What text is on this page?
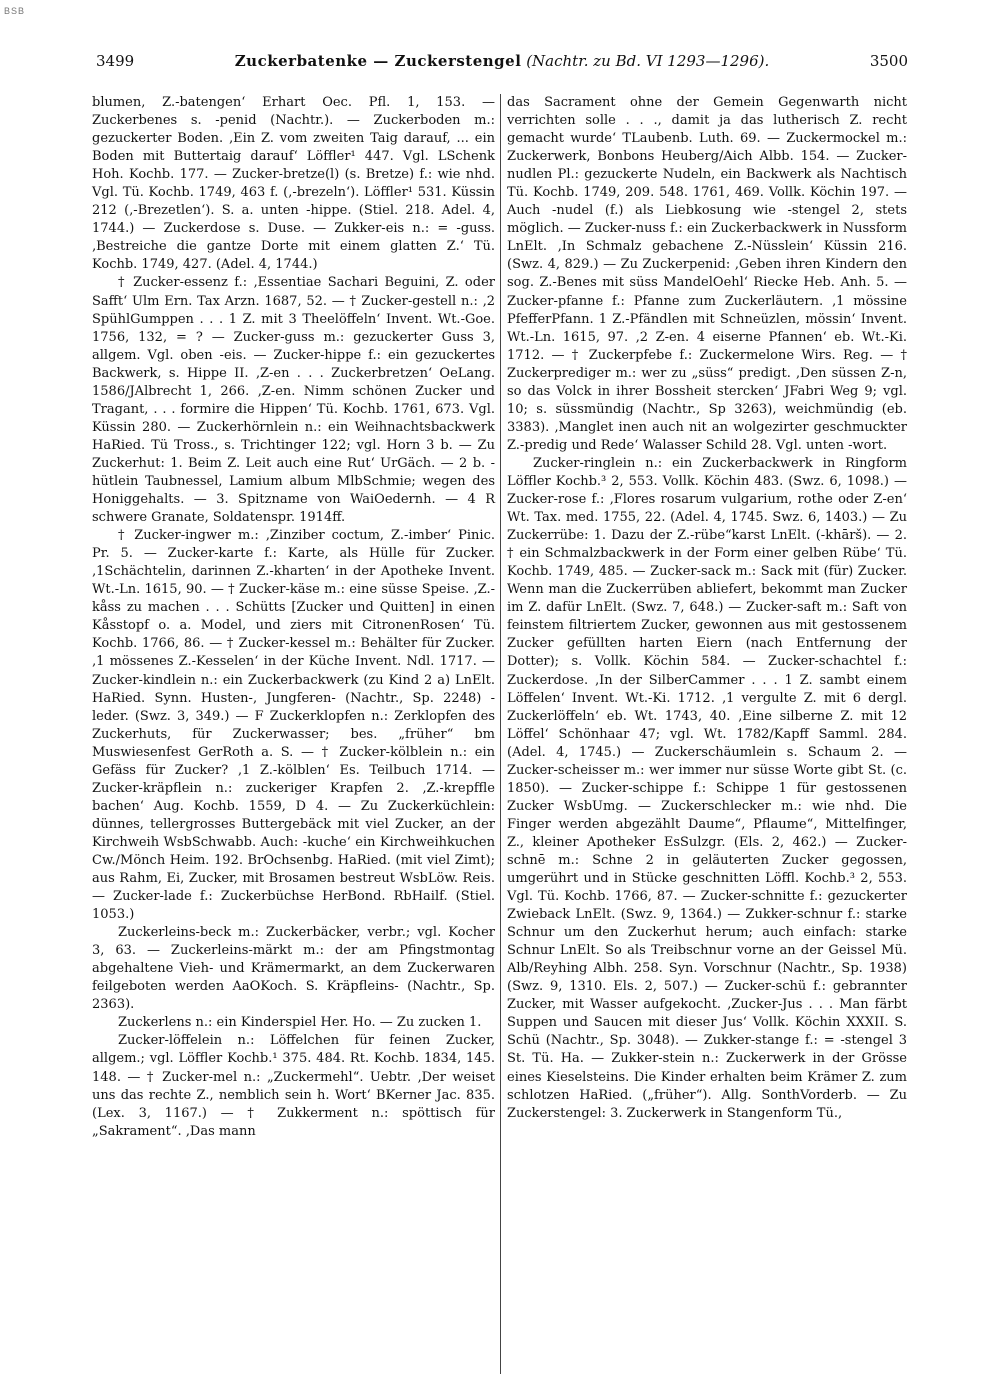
BSB
3499	Zuckerbatenke — Zuckerstengel (Nachtr. zu Bd. VI 1293—1296).	3500

blumen, Z.-batengen‘ Erhart Oec. Pfl. 1, 153. — Zuckerbenes s. -penid (Nachtr.). — Zuckerboden m.: gezuckerter Boden. ‚Ein Z. vom zweiten Taig darauf, ... ein Boden mit Buttertaig darauf‘ Löffler¹ 447. Vgl. LSchenk Hoh. Kochb. 177. — Zucker-bretze(l) (s. Bretze) f.: wie nhd. Vgl. Tü. Kochb. 1749, 463 f. (‚-brezeln‘). Löffler¹ 531. Küssin 212 (‚-Brezetlen‘). S. a. unten -hippe. (Stiel. 218. Adel. 4, 1744.) — Zuckerdose s. Duse. — Zukker-eis n.: = -guss. ‚Bestreiche die gantze Dorte mit einem glatten Z.‘ Tü. Kochb. 1749, 427. (Adel. 4, 1744.)

† Zucker-essenz f.: ‚Essentiae Sachari Beguini, Z. oder Safft‘ Ulm Ern. Tax Arzn. 1687, 52. — † Zucker-gestell n.: ‚2 SpühlGumppen . . . 1 Z. mit 3 Theelöffeln‘ Invent. Wt.-Goe. 1756, 132, = ? — Zucker-guss m.: gezuckerter Guss 3, allgem. Vgl. oben -eis. — Zucker-hippe f.: ein gezuckertes Backwerk, s. Hippe II. ‚Z-en . . . Zuckerbretzen‘ OeLang. 1586/JAlbrecht 1, 266. ‚Z-en. Nimm schönen Zucker und Tragant, . . . formire die Hippen‘ Tü. Kochb. 1761, 673. Vgl. Küssin 280. — Zuckerhörnlein n.: ein Weihnachtsbackwerk HaRied. Tü Tross., s. Trichtinger 122; vgl. Horn 3 b. — Zu Zuckerhut: 1. Beim Z. Leit auch eine Rut‘ UrGäch. — 2 b. -hütlein Taubnessel, Lamium album MlbSchmie; wegen des Honiggehalts. — 3. Spitzname von WaiOedernh. — 4 R schwere Granate, Soldatenspr. 1914ff.

† Zucker-ingwer m.: ‚Zinziber coctum, Z.-imber‘ Pinic. Pr. 5. — Zucker-karte f.: Karte, als Hülle für Zucker. ‚1Schächtelin, darinnen Z.-kharten‘ in der Apotheke Invent. Wt.-Ln. 1615, 90. — † Zucker-käse m.: eine süsse Speise. ‚Z.-kåss zu machen . . . Schütts [Zucker und Quitten] in einen Kåsstopf o. a. Model, und ziers mit CitronenRosen‘ Tü. Kochb. 1766, 86. — † Zucker-kessel m.: Behälter für Zucker. ‚1 mössenes Z.-Kesselen‘ in der Küche Invent. Ndl. 1717. — Zucker-kindlein n.: ein Zuckerbackwerk (zu Kind 2 a) LnElt. HaRied. Synn. Husten-, Jungferen- (Nachtr., Sp. 2248) -leder. (Swz. 3, 349.) — F Zuckerklopfen n.: Zerklopfen des Zuckerhuts, für Zuckerwasser; bes. „früher“ bm Muswiesenfest GerRoth a. S. — † Zucker-kölblein n.: ein Gefäss für Zucker? ‚1 Z.-kölblen‘ Es. Teilbuch 1714. — Zucker-kräpflein n.: zuckeriger Krapfen 2. ‚Z.-krepffle bachen‘ Aug. Kochb. 1559, D 4. — Zu Zuckerküchlein: dünnes, tellergrosses Buttergebäck mit viel Zucker, an der Kirchweih WsbSchwabb. Auch: -kuche‘ ein Kirchweihkuchen Cw./Mönch Heim. 192. BrOchsenbg. HaRied. (mit viel Zimt); aus Rahm, Ei, Zucker, mit Brosamen bestreut WsbLöw. Reis. — Zucker-lade f.: Zuckerbüchse HerBond. RbHailf. (Stiel. 1053.)

Zuckerleins-beck m.: Zuckerbäcker, verbr.; vgl. Kocher 3, 63. — Zuckerleins-märkt m.: der am Pfingstmontag abgehaltene Vieh- und Krämermarkt, an dem Zuckerwaren feilgeboten werden AaOKoch. S. Kräpfleins- (Nachtr., Sp. 2363).

Zuckerlens n.: ein Kinderspiel Her. Ho. — Zu zucken 1.

Zucker-löffelein n.: Löffelchen für feinen Zucker, allgem.; vgl. Löffler Kochb.¹ 375. 484. Rt. Kochb. 1834, 145. 148. — † Zucker-mel n.: „Zuckermehl“. Uebtr. ‚Der weiset uns das rechte Z., nemblich sein h. Wort‘ BKerner Jac. 835. (Lex. 3, 1167.) — † Zukkerment n.: spöttisch für „Sakrament“. ‚Das mann

das Sacrament ohne der Gemein Gegenwarth nicht verrichten solle . . ., damit ja das lutherisch Z. recht gemacht wurde‘ TLaubenb. Luth. 69. — Zuckermockel m.: Zuckerwerk, Bonbons Heuberg/Aich Albb. 154. — Zucker-nudlen Pl.: gezuckerte Nudeln, ein Backwerk als Nachtisch Tü. Kochb. 1749, 209. 548. 1761, 469. Vollk. Köchin 197. — Auch -nudel (f.) als Liebkosung wie -stengel 2, stets möglich. — Zucker-nuss f.: ein Zuckerbackwerk in Nussform LnElt. ‚In Schmalz gebachene Z.-Nüsslein‘ Küssin 216. (Swz. 4, 829.) — Zu Zuckerpenid: ‚Geben ihren Kindern den sog. Z.-Benes mit süss MandelOehl‘ Riecke Heb. Anh. 5. — Zucker-pfanne f.: Pfanne zum Zuckerläutern. ‚1 mössine PfefferPfann. 1 Z.-Pfändlen mit Schneüzlen, mössin‘ Invent. Wt.-Ln. 1615, 97. ‚2 Z-en. 4 eiserne Pfannen‘ eb. Wt.-Ki. 1712. — † Zuckerpfebe f.: Zuckermelone Wirs. Reg. — † Zuckerprediger m.: wer zu „süss“ predigt. ‚Den süssen Z-n, so das Volck in ihrer Bossheit stercken‘ JFabri Weg 9; vgl. 10; s. süssmündig (Nachtr., Sp 3263), weichmündig (eb. 3383). ‚Manglet inen auch nit an wolgezirter geschmuckter Z.-predig und Rede‘ Walasser Schild 28. Vgl. unten -wort.

Zucker-ringlein n.: ein Zuckerbackwerk in Ringform Löffler Kochb.³ 2, 553. Vollk. Köchin 483. (Swz. 6, 1098.) — Zucker-rose f.: ‚Flores rosarum vulgarium, rothe oder Z-en‘ Wt. Tax. med. 1755, 22. (Adel. 4, 1745. Swz. 6, 1403.) — Zu Zuckerrübe: 1. Dazu der Z.-rübe“karst LnElt. (-khārš). — 2. † ein Schmalzbackwerk in der Form einer gelben Rübe‘ Tü. Kochb. 1749, 485. — Zucker-sack m.: Sack mit (für) Zucker. Wenn man die Zuckerrüben abliefert, bekommt man Zucker im Z. dafür LnElt. (Swz. 7, 648.) — Zucker-saft m.: Saft von feinstem filtriertem Zucker, gewonnen aus mit gestossenem Zucker gefüllten harten Eiern (nach Entfernung der Dotter); s. Vollk. Köchin 584. — Zucker-schachtel f.: Zuckerdose. ‚In der SilberCammer . . . 1 Z. sambt einem Löffelen‘ Invent. Wt.-Ki. 1712. ‚1 vergulte Z. mit 6 dergl. Zuckerlöffeln‘ eb. Wt. 1743, 40. ‚Eine silberne Z. mit 12 Löffel‘ Schönhaar 47; vgl. Wt. 1782/Kapff Samml. 284. (Adel. 4, 1745.) — Zuckerschäumlein s. Schaum 2. — Zucker-scheisser m.: wer immer nur süsse Worte gibt St. (c. 1850). — Zucker-schippe f.: Schippe 1 für gestossenen Zucker WsbUmg. — Zuckerschlecker m.: wie nhd. Die Finger werden abgezählt Daume“, Pflaume“, Mittelfinger, Z., kleiner Apotheker EsSulzgr. (Els. 2, 462.) — Zucker-schnē m.: Schne 2 in geläuterten Zucker gegossen, umgerührt und in Stücke geschnitten Löffl. Kochb.³ 2, 553. Vgl. Tü. Kochb. 1766, 87. — Zucker-schnitte f.: gezuckerter Zwieback LnElt. (Swz. 9, 1364.) — Zukker-schnur f.: starke Schnur um den Zuckerhut herum; auch einfach: starke Schnur LnElt. So als Treibschnur vorne an der Geissel Mü. Alb/Reyhing Albh. 258. Syn. Vorschnur (Nachtr., Sp. 1938) (Swz. 9, 1310. Els. 2, 507.) — Zucker-schü f.: gebrannter Zucker, mit Wasser aufgekocht. ‚Zucker-Jus . . . Man färbt Suppen und Saucen mit dieser Jus‘ Vollk. Köchin XXXII. S. Schü (Nachtr., Sp. 3048). — Zukker-stange f.: = -stengel 3 St. Tü. Ha. — Zukker-stein n.: Zuckerwerk in der Grösse eines Kieselsteins. Die Kinder erhalten beim Krämer Z. zum schlotzen HaRied. („früher“). Allg. SonthVorderb. — Zu Zuckerstengel: 3. Zuckerwerk in Stangenform Tü.,
